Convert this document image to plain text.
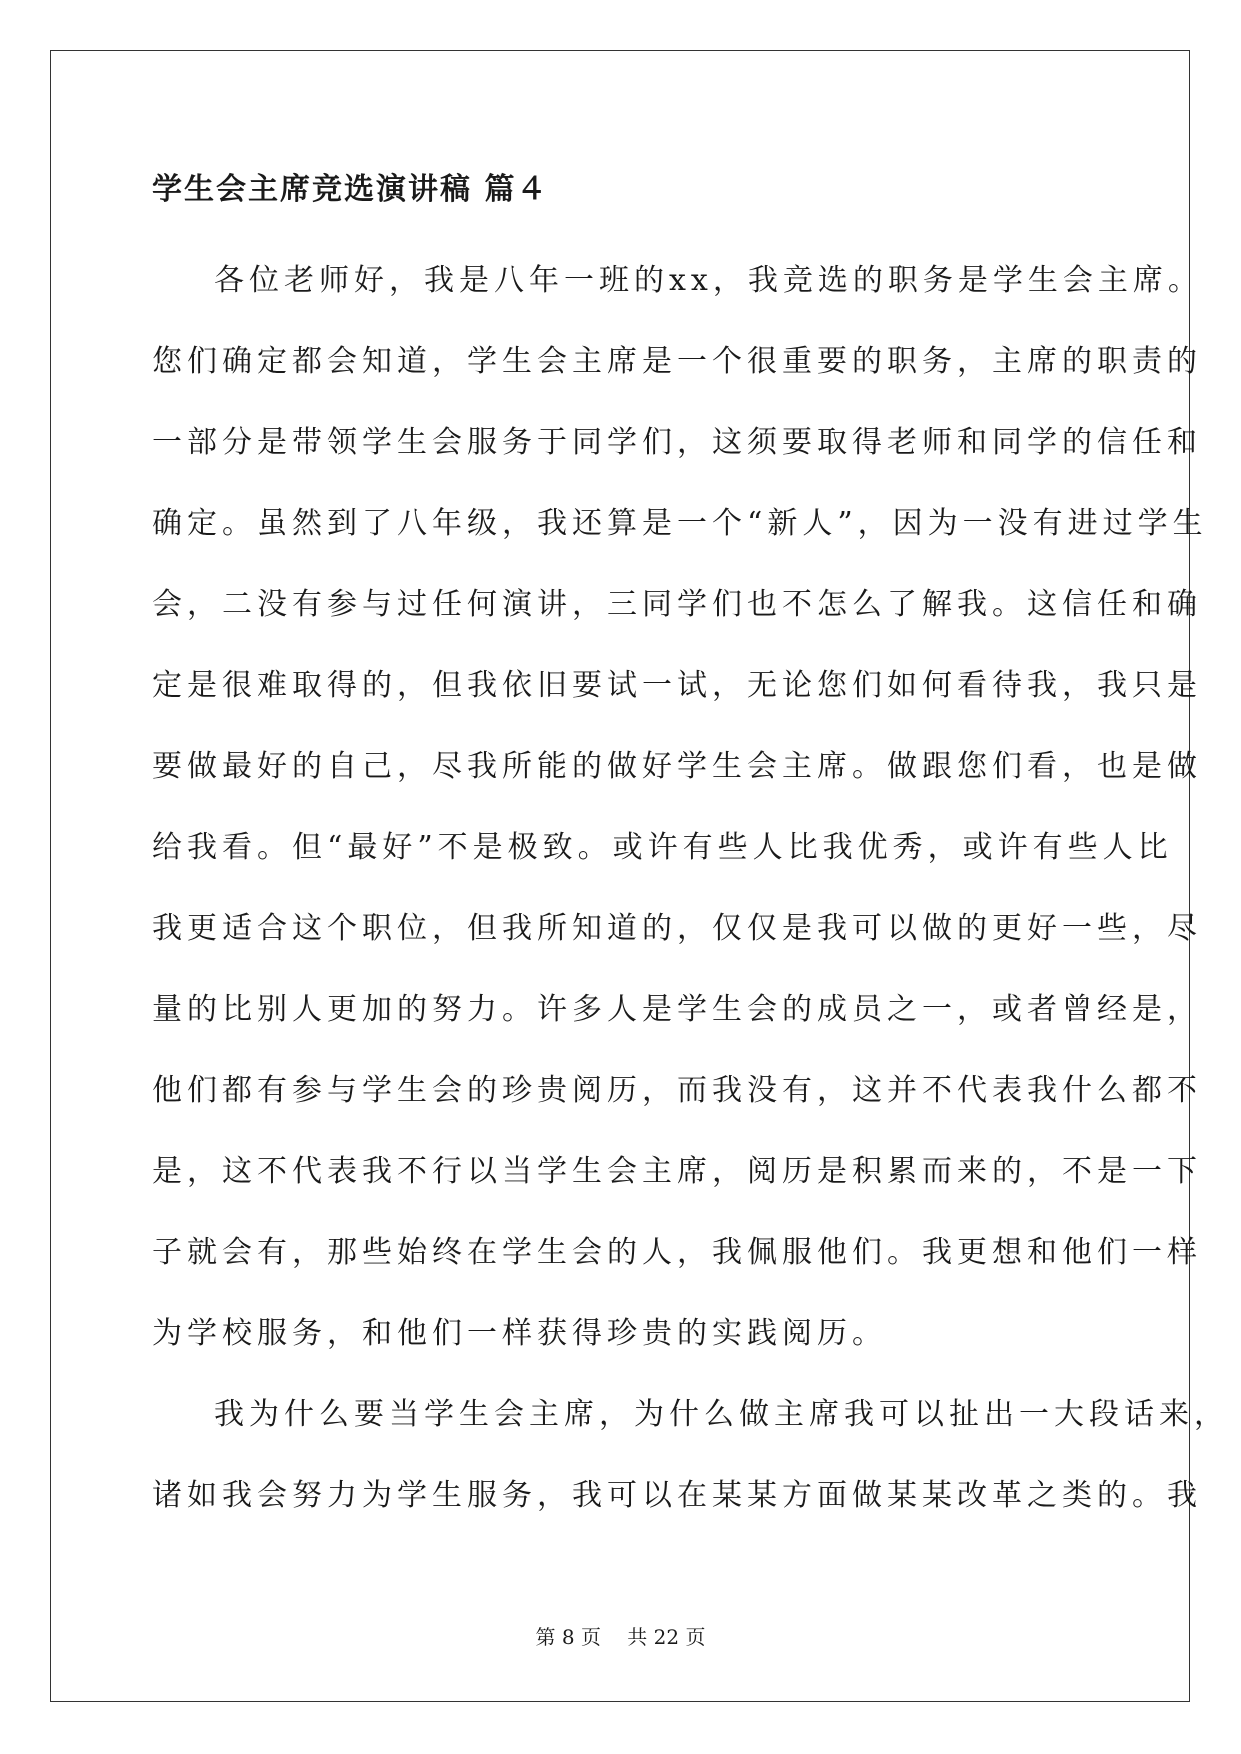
学生会主席竞选演讲稿 篇４
各位老师好，我是八年一班的xx，我竞选的职务是学生会主席。
您们确定都会知道，学生会主席是一个很重要的职务，主席的职责的
一部分是带领学生会服务于同学们，这须要取得老师和同学的信任和
确定。虽然到了八年级，我还算是一个“新人”，因为一没有进过学生
会，二没有参与过任何演讲，三同学们也不怎么了解我。这信任和确
定是很难取得的，但我依旧要试一试，无论您们如何看待我，我只是
要做最好的自己，尽我所能的做好学生会主席。做跟您们看，也是做
给我看。但“最好”不是极致。或许有些人比我优秀，或许有些人比
我更适合这个职位，但我所知道的，仅仅是我可以做的更好一些，尽
量的比别人更加的努力。许多人是学生会的成员之一，或者曾经是，
他们都有参与学生会的珍贵阅历，而我没有，这并不代表我什么都不
是，这不代表我不行以当学生会主席，阅历是积累而来的，不是一下
子就会有，那些始终在学生会的人，我佩服他们。我更想和他们一样
为学校服务，和他们一样获得珍贵的实践阅历。
我为什么要当学生会主席，为什么做主席我可以扯出一大段话来，
诸如我会努力为学生服务，我可以在某某方面做某某改革之类的。我
第 8 页　 共 22 页
